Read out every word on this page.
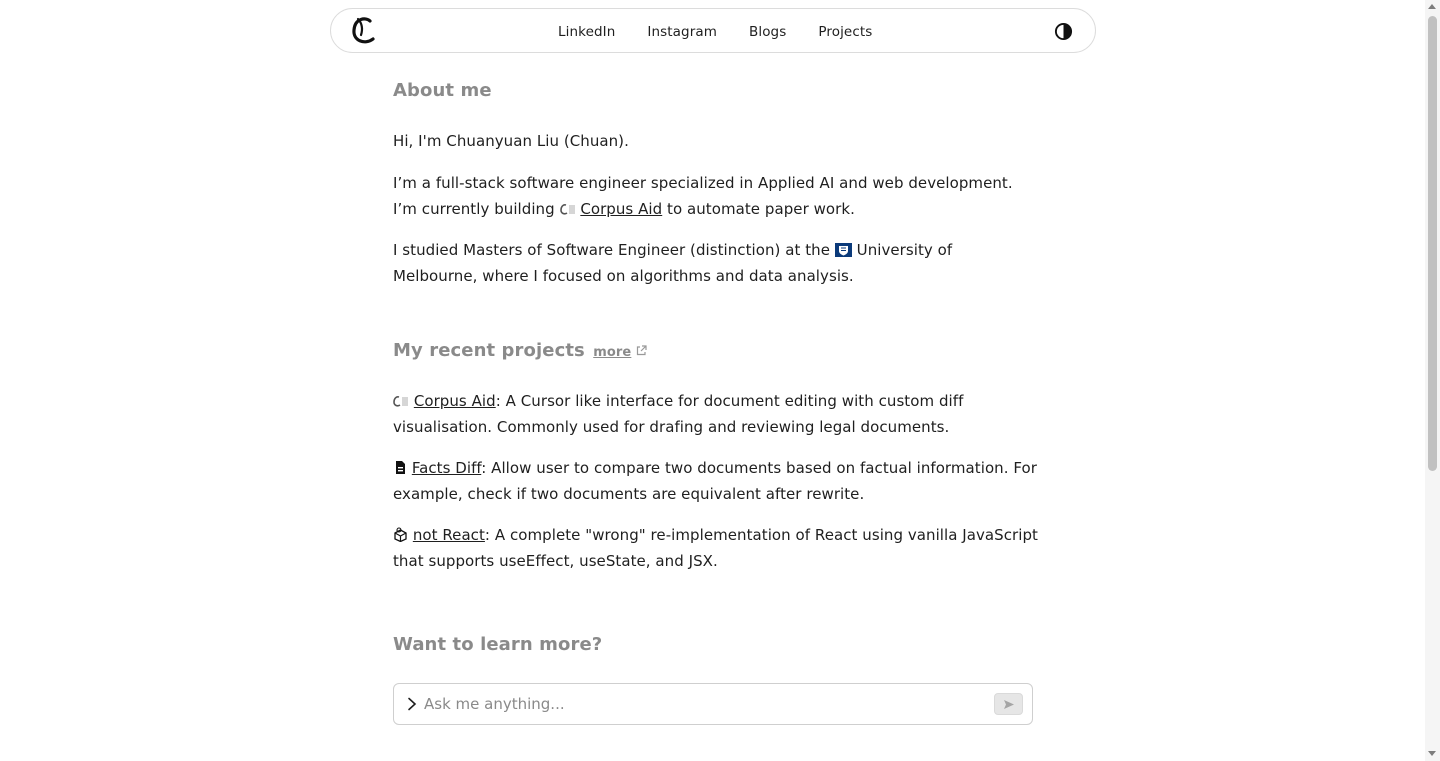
LinkedIn Instagram Blogs Projects
About me

Hi, I'm Chuanyuan Liu (Chuan).

I’m a full-stack software engineer specialized in Applied AI and web development. I’m currently building  Corpus Aid to automate paper work.

I studied Masters of Software Engineer (distinction) at the  University of Melbourne, where I focused on algorithms and data analysis.

My recent projects more

Corpus Aid: A Cursor like interface for document editing with custom diff visualisation. Commonly used for drafing and reviewing legal documents.

Facts Diff: Allow user to compare two documents based on factual information. For example, check if two documents are equivalent after rewrite.

not React: A complete "wrong" re-implementation of React using vanilla JavaScript that supports useEffect, useState, and JSX.

Want to learn more?
Ask me anything...
